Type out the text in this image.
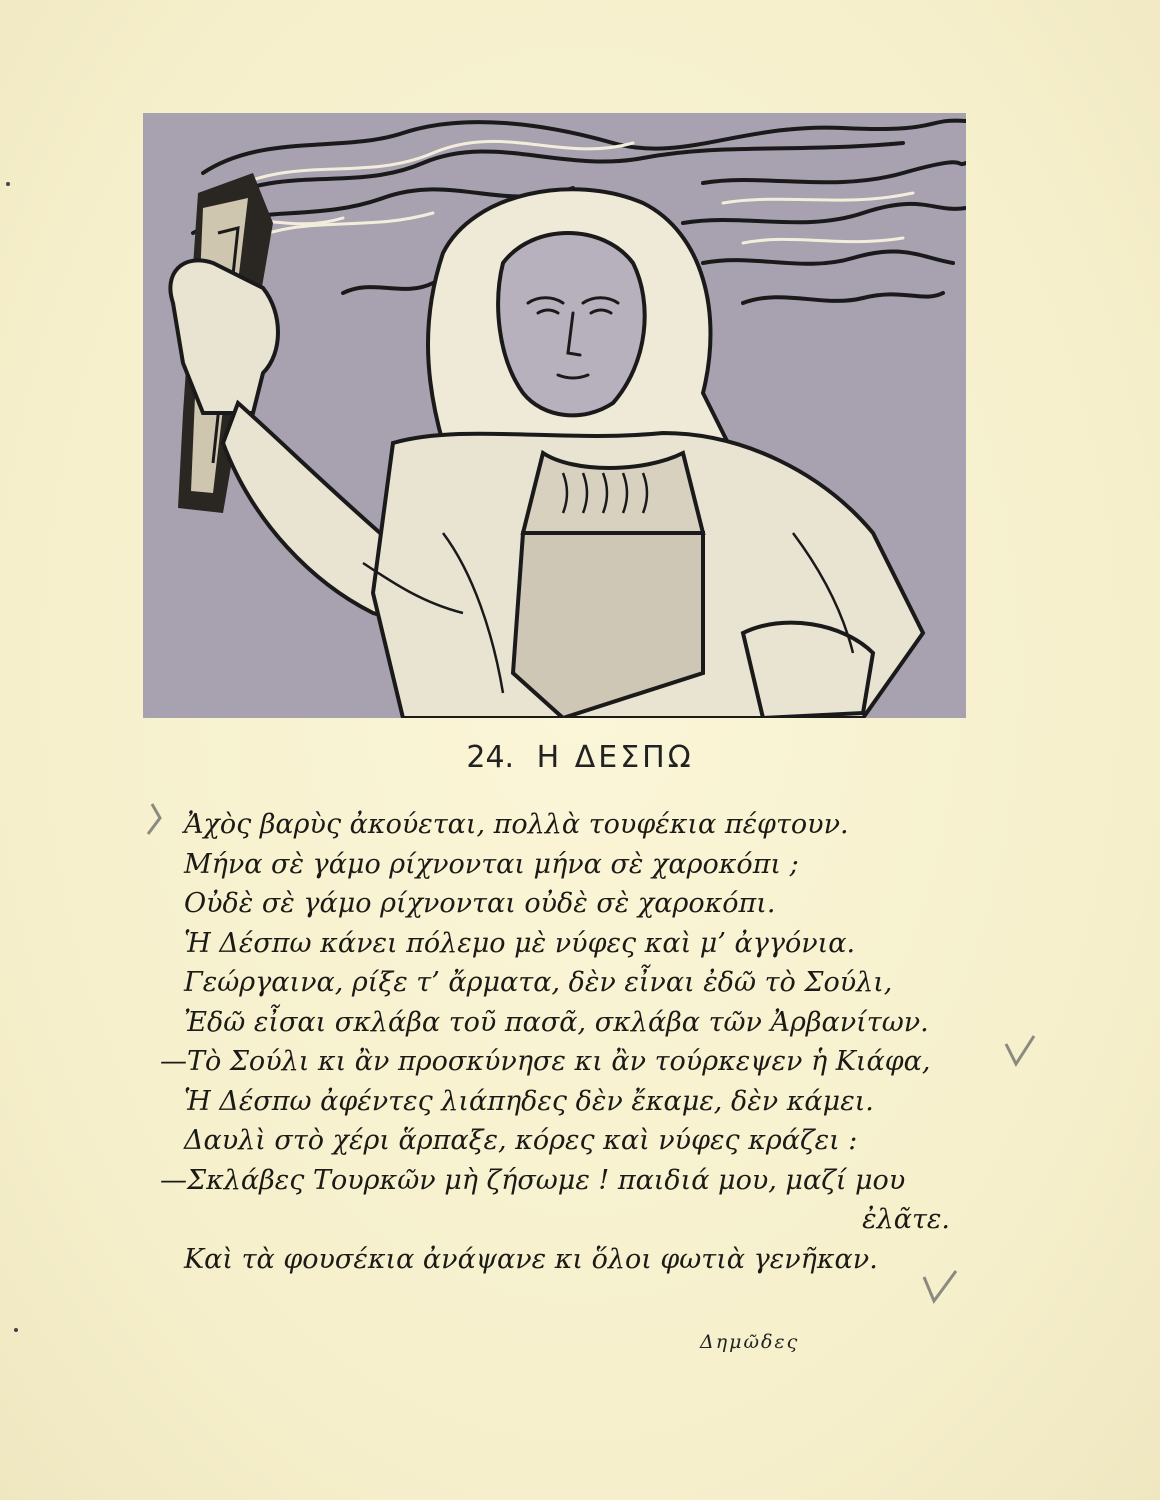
24. Η ΔΕΣΠΩ
Ἀχὸς βαρὺς ἀκούεται, πολλὰ τουφέκια πέφτουν.
Μήνα σὲ γάμο ρίχνονται μήνα σὲ χαροκόπι ;
Οὐδὲ σὲ γάμο ρίχνονται οὐδὲ σὲ χαροκόπι.
Ἡ Δέσπω κάνει πόλεμο μὲ νύφες καὶ μ’ ἀγγόνια.
Γεώργαινα, ρίξε τ’ ἄρματα, δὲν εἶναι ἐδῶ τὸ Σούλι,
Ἐδῶ εἶσαι σκλάβα τοῦ πασᾶ, σκλάβα τῶν Ἀρβανίτων.
—Τὸ Σούλι κι ἂν προσκύνησε κι ἂν τούρκεψεν ἡ Κιάφα,
Ἡ Δέσπω ἀφέντες λιάπηδες δὲν ἔκαμε, δὲν κάμει.
Δαυλὶ στὸ χέρι ἅρπαξε, κόρες καὶ νύφες κράζει :
—Σκλάβες Τουρκῶν μὴ ζήσωμε ! παιδιά μου, μαζί μου
ἐλᾶτε.
Καὶ τὰ φουσέκια ἀνάψανε κι ὅλοι φωτιὰ γενῆκαν.
Δημῶδες
